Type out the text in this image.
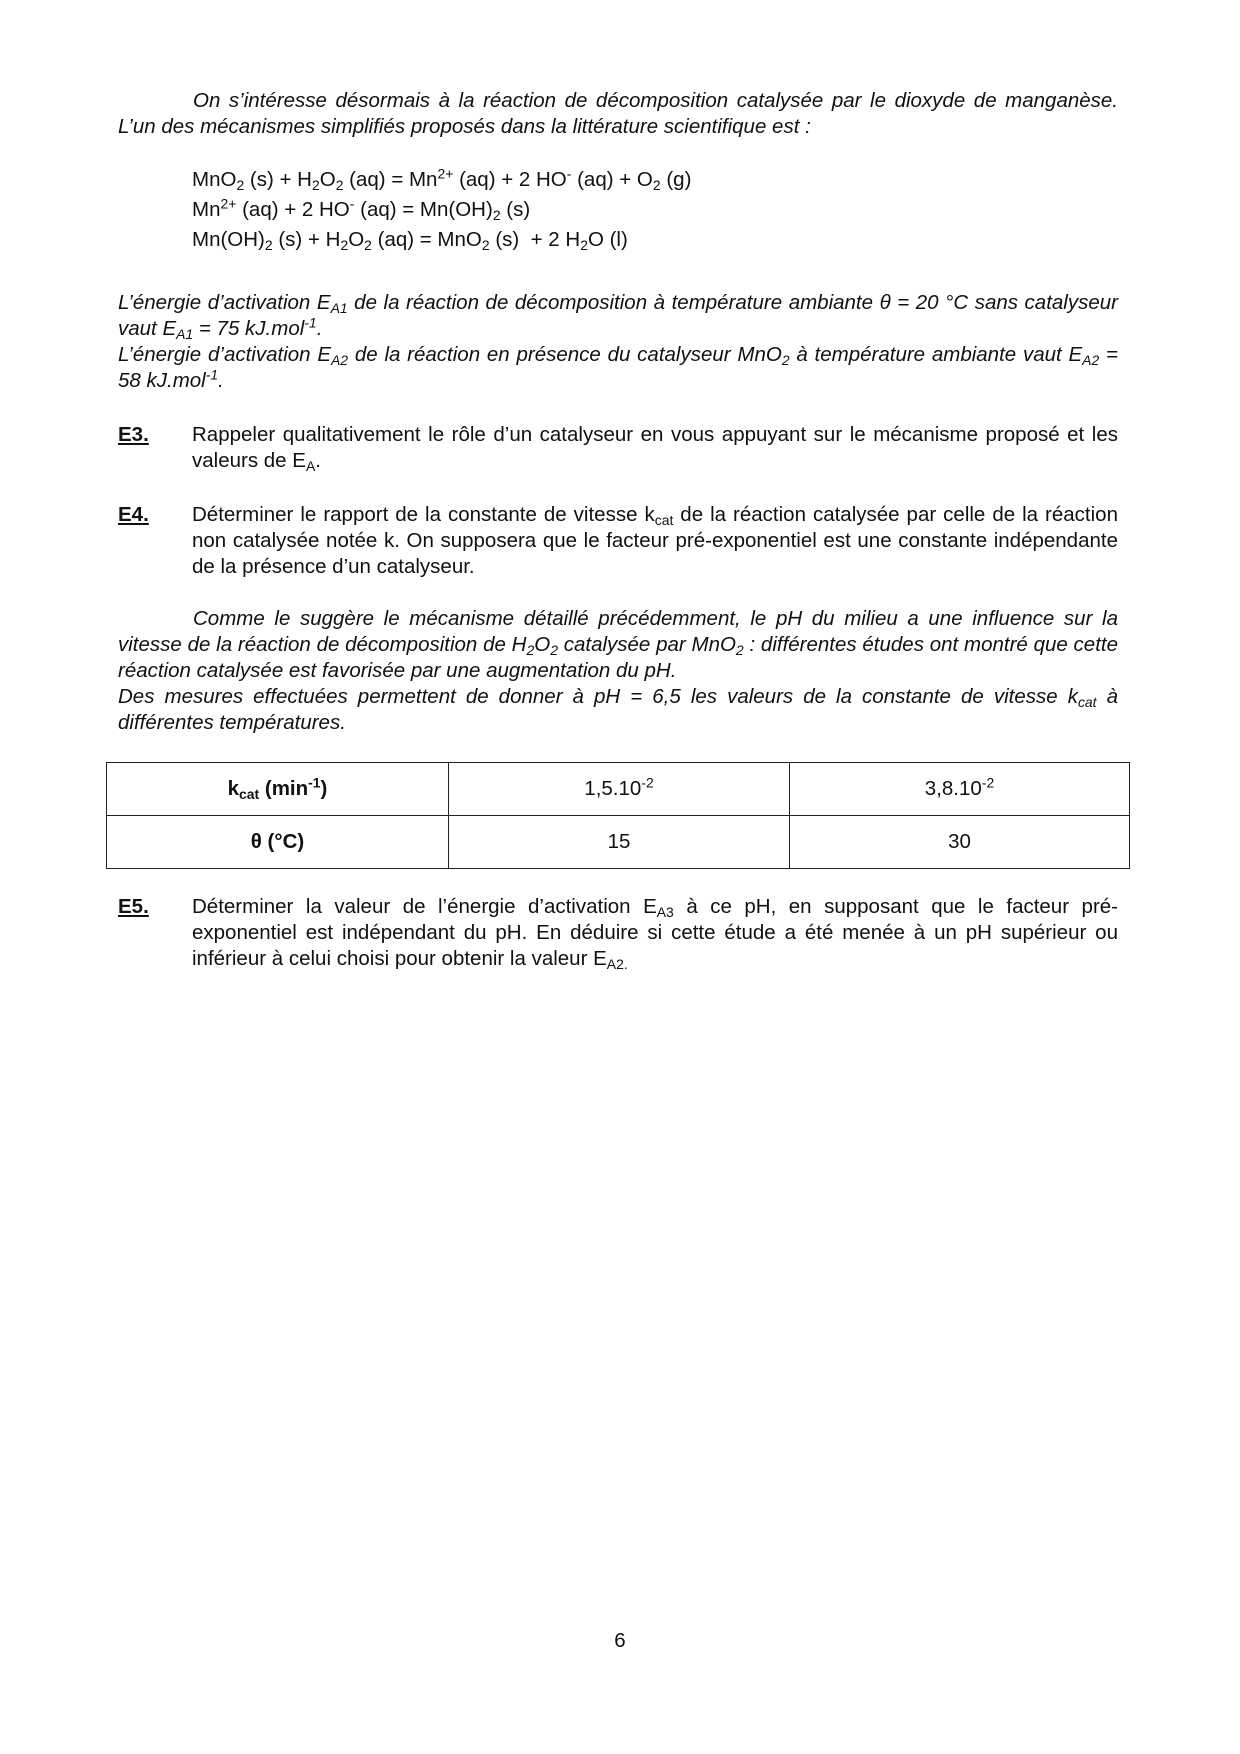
On s’intéresse désormais à la réaction de décomposition catalysée par le dioxyde de manganèse. L’un des mécanismes simplifiés proposés dans la littérature scientifique est :
MnO$_2$ $(s) + H_2O_2$ $(aq) = Mn^{2+}$ (aq) + 2 HO- $(aq) + O_2$ (g)
$Mn^{2+}$ (aq) + 2 HO- $(aq) = Mn(OH)_2$ (s)
$Mn(OH)_2$ $(s) + H_2O_2$ (aq) = MnO$_2$ (s)  + 2 $H_2O$ (l)
L’énergie d’activation $E_{A1}$ de la réaction de décomposition à température ambiante θ = 20 °C sans catalyseur vaut $E_{A1} = 75$ kJ.mol$^{-1}$.
L’énergie d’activation $E_{A2}$ de la réaction en présence du catalyseur MnO$_2$ à température ambiante vaut $E_{A2} = 58$ kJ.mol$^{-1}$.
E3. Rappeler qualitativement le rôle d’un catalyseur en vous appuyant sur le mécanisme proposé et les valeurs de $E_A$.
E4. Déterminer le rapport de la constante de vitesse $k_{cat}$ de la réaction catalysée par celle de la réaction non catalysée notée k. On supposera que le facteur pré-exponentiel est une constante indépendante de la présence d’un catalyseur.
Comme le suggère le mécanisme détaillé précédemment, le pH du milieu a une influence sur la vitesse de la réaction de décomposition de $H_2O_2$ catalysée par MnO$_2$ : différentes études ont montré que cette réaction catalysée est favorisée par une augmentation du pH.
Des mesures effectuées permettent de donner à pH = 6,5 les valeurs de la constante de vitesse $k_{cat}$ à différentes températures.
$k_{cat}$ $(\min^{-1})$	$1,5.10^{-2}$	$3,8.10^{-2}$
θ (°C)	15	30
E5. Déterminer la valeur de l’énergie d’activation $E_{A3}$ à ce pH, en supposant que le facteur pré-exponentiel est indépendant du pH. En déduire si cette étude a été menée à un pH supérieur ou inférieur à celui choisi pour obtenir la valeur $E_{A2.}$
6
